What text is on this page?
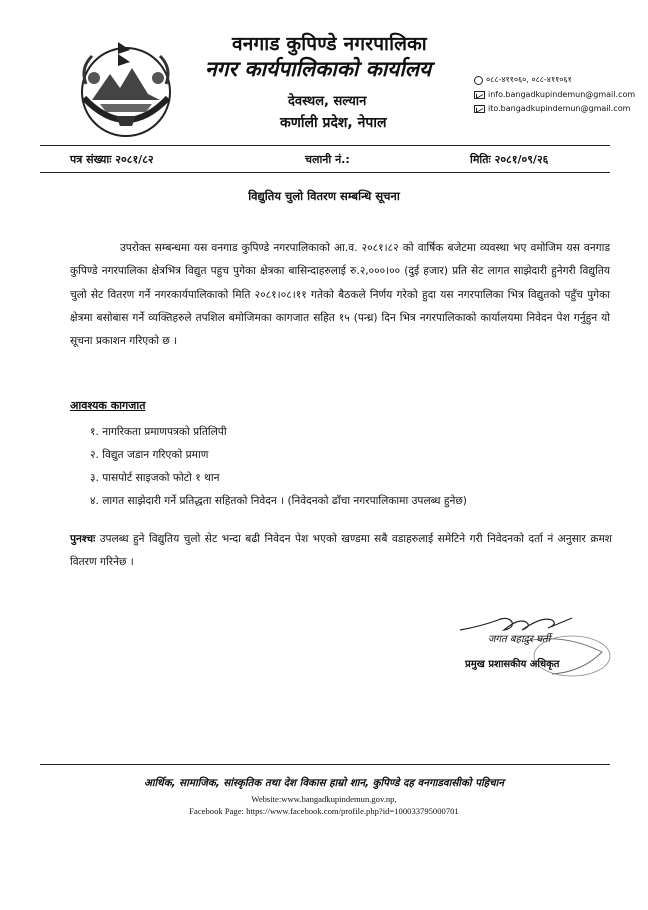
वनगाड कुपिण्डे नगरपालिका
नगर कार्यपालिकाको कार्यालय
देवस्थल, सल्यान
कर्णाली प्रदेश, नेपाल
०८८-४११०६०, ०८८-४११०६१
info.bangadkupindemun@gmail.com
ito.bangadkupindemun@gmail.com
पत्र संख्याः २०८१/८२	चलानी नं.:	मितिः २०८१/०९/२६
विद्युतिय चुलो वितरण सम्बन्धि सूचना

उपरोक्त सम्बन्धमा यस वनगाड कुपिण्डे नगरपालिकाको आ.व. २०८१।८२ को वार्षिक बजेटमा व्यवस्था भए वमोजिम यस वनगाड कुपिण्डे नगरपालिका क्षेत्रभित्र विद्युत पहुच पुगेका क्षेत्रका बासिन्दाहरुलाई रु.२,०००।०० (दुई हजार) प्रति सेट लागत साझेदारी हुनेगरी विद्युतिय चुलो सेट वितरण गर्ने नगरकार्यपालिकाको मिति २०८१।०८।११ गतेको बैठकले निर्णय गरेको हुदा यस नगरपालिका भित्र विद्युतको पहुँच पुगेका क्षेत्रमा बसोबास गर्ने व्यक्तिहरुले तपशिल बमोजिमका कागजात सहित १५ (पन्ध्र) दिन भित्र नगरपालिकाको कार्यालयमा निवेदन पेश गर्नुहुन यो सूचना प्रकाशन गरिएको छ ।

आवश्यक कागजात
१. नागरिकता प्रमाणपत्रको प्रतिलिपी
२. विद्युत जडान गरिएको प्रमाण
३. पासपोर्ट साइजको फोटो १ थान
४. लागत साझेदारी गर्ने प्रतिद्धता सहितको निवेदन । (निवेदनको ढाँचा नगरपालिकामा उपलब्ध हुनेछ)

पुनश्चः उपलब्ध हुने विद्युतिय चुलो सेट भन्दा बढी निवेदन पेश भएको खण्डमा सबै वडाहरुलाई समेटिने गरी निवेदनको दर्ता नं अनुसार क्रमश वितरण गरिनेछ ।

जगत बहादुर घर्ती
प्रमुख प्रशासकीय अधिकृत
आर्थिक, सामाजिक, सांस्कृतिक तथा देश विकास हाम्रो शान, कुपिण्डे दह वनगाडवासीको पहिचान
Website:www.bangadkupindemun.gov.np,
Facebook Page: https://www.facebook.com/profile.php?id=100033795000701
